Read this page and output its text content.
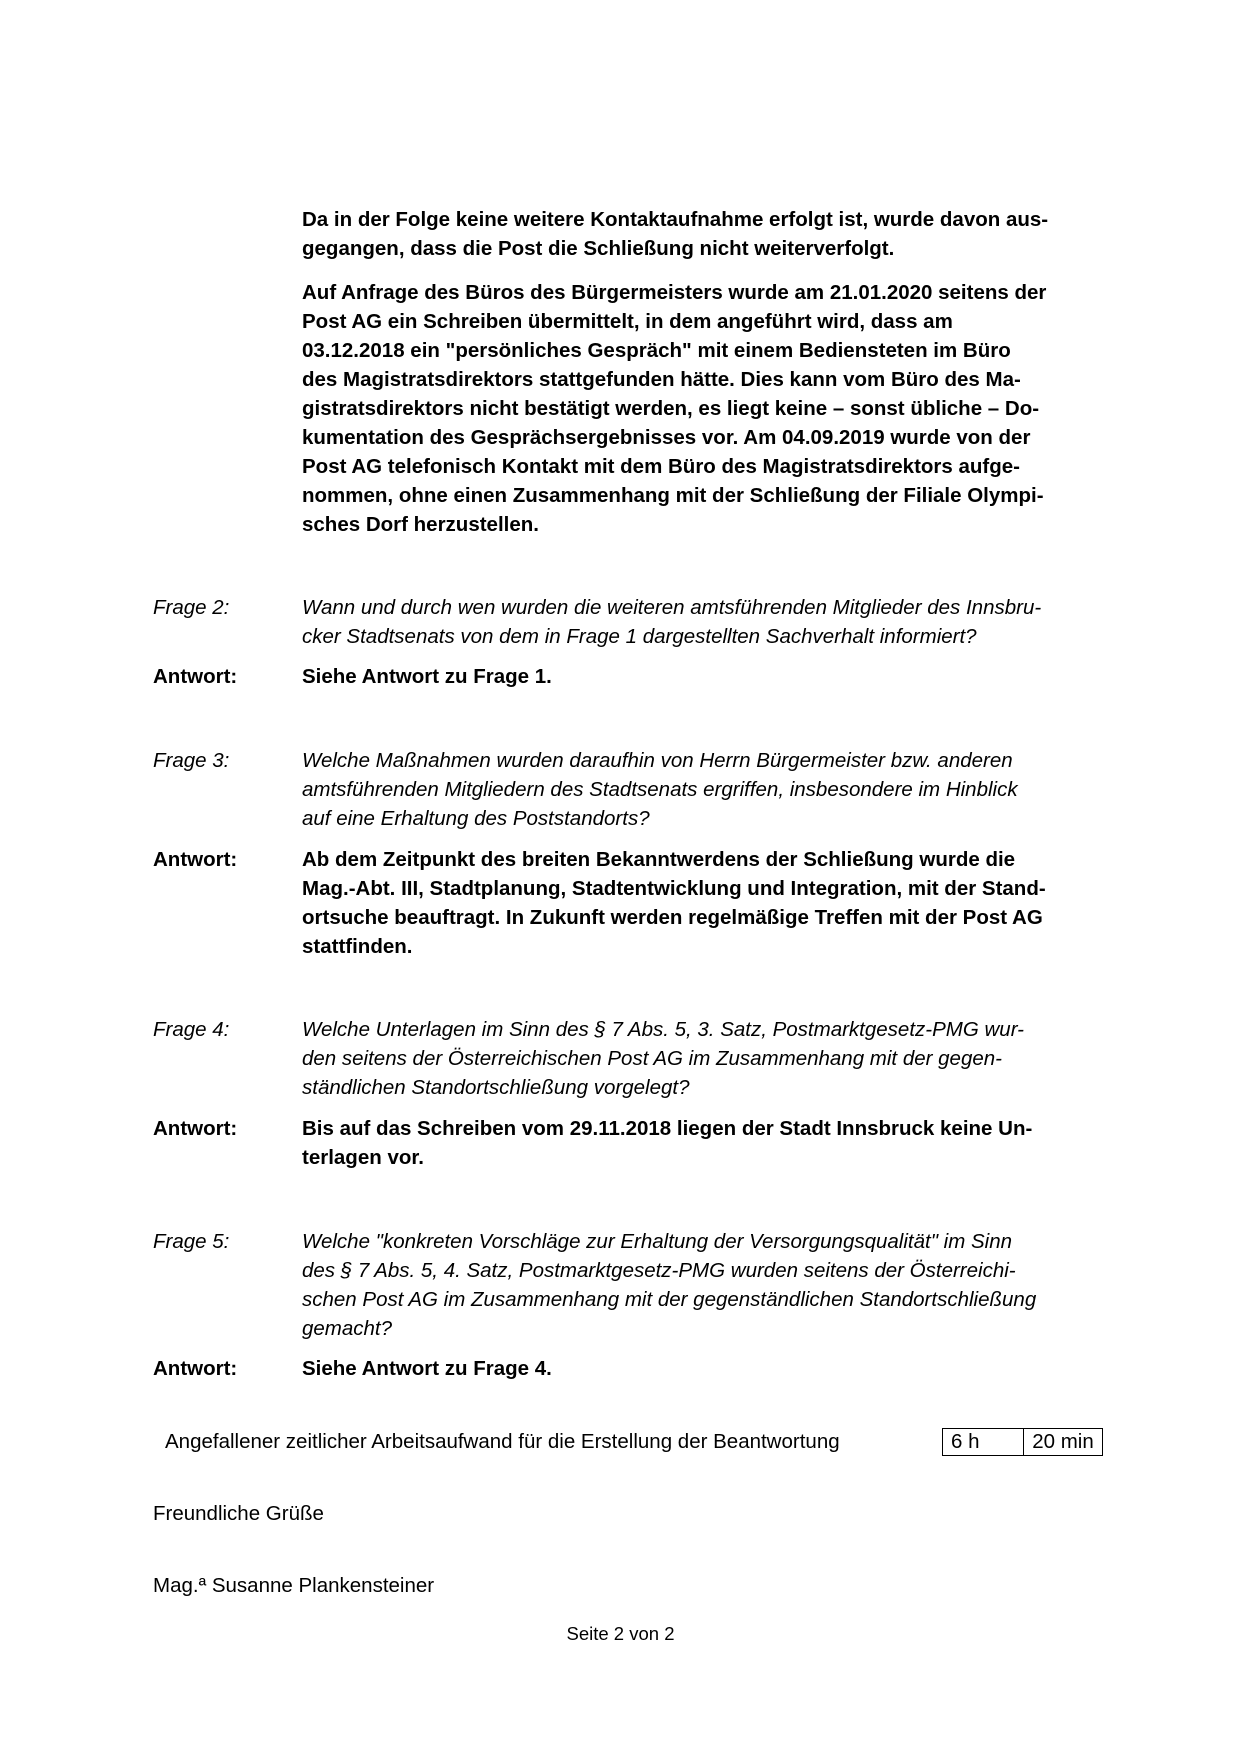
Da in der Folge keine weitere Kontaktaufnahme erfolgt ist, wurde davon aus-

gegangen, dass die Post die Schließung nicht weiterverfolgt.

Auf Anfrage des Büros des Bürgermeisters wurde am 21.01.2020 seitens der

Post AG ein Schreiben übermittelt, in dem angeführt wird, dass am

03.12.2018 ein "persönliches Gespräch" mit einem Bediensteten im Büro

des Magistratsdirektors stattgefunden hätte. Dies kann vom Büro des Ma-

gistratsdirektors nicht bestätigt werden, es liegt keine – sonst übliche – Do-

kumentation des Gesprächsergebnisses vor. Am 04.09.2019 wurde von der

Post AG telefonisch Kontakt mit dem Büro des Magistratsdirektors aufge-

nommen, ohne einen Zusammenhang mit der Schließung der Filiale Olympi-

sches Dorf herzustellen.

Frage 2:	Wann und durch wen wurden die weiteren amtsführenden Mitglieder des Innsbru-
cker Stadtsenats von dem in Frage 1 dargestellten Sachverhalt informiert?
Antwort:	Siehe Antwort zu Frage 1.
Frage 3:	Welche Maßnahmen wurden daraufhin von Herrn Bürgermeister bzw. anderen
amtsführenden Mitgliedern des Stadtsenats ergriffen, insbesondere im Hinblick
auf eine Erhaltung des Poststandorts?
Antwort:	Ab dem Zeitpunkt des breiten Bekanntwerdens der Schließung wurde die
Mag.-Abt. III, Stadtplanung, Stadtentwicklung und Integration, mit der Stand-
ortsuche beauftragt. In Zukunft werden regelmäßige Treffen mit der Post AG
stattfinden.
Frage 4:	Welche Unterlagen im Sinn des § 7 Abs. 5, 3. Satz, Postmarktgesetz-PMG wur-
den seitens der Österreichischen Post AG im Zusammenhang mit der gegen-
ständlichen Standortschließung vorgelegt?
Antwort:	Bis auf das Schreiben vom 29.11.2018 liegen der Stadt Innsbruck keine Un-
terlagen vor.
Frage 5:	Welche "konkreten Vorschläge zur Erhaltung der Versorgungsqualität" im Sinn
des § 7 Abs. 5, 4. Satz, Postmarktgesetz-PMG wurden seitens der Österreichi-
schen Post AG im Zusammenhang mit der gegenständlichen Standortschließung
gemacht?
Antwort:	Siehe Antwort zu Frage 4.
Angefallener zeitlicher Arbeitsaufwand für die Erstellung der Beantwortung	6 h	20 min
Freundliche Grüße
Mag.ª Susanne Plankensteiner
Seite 2 von 2
